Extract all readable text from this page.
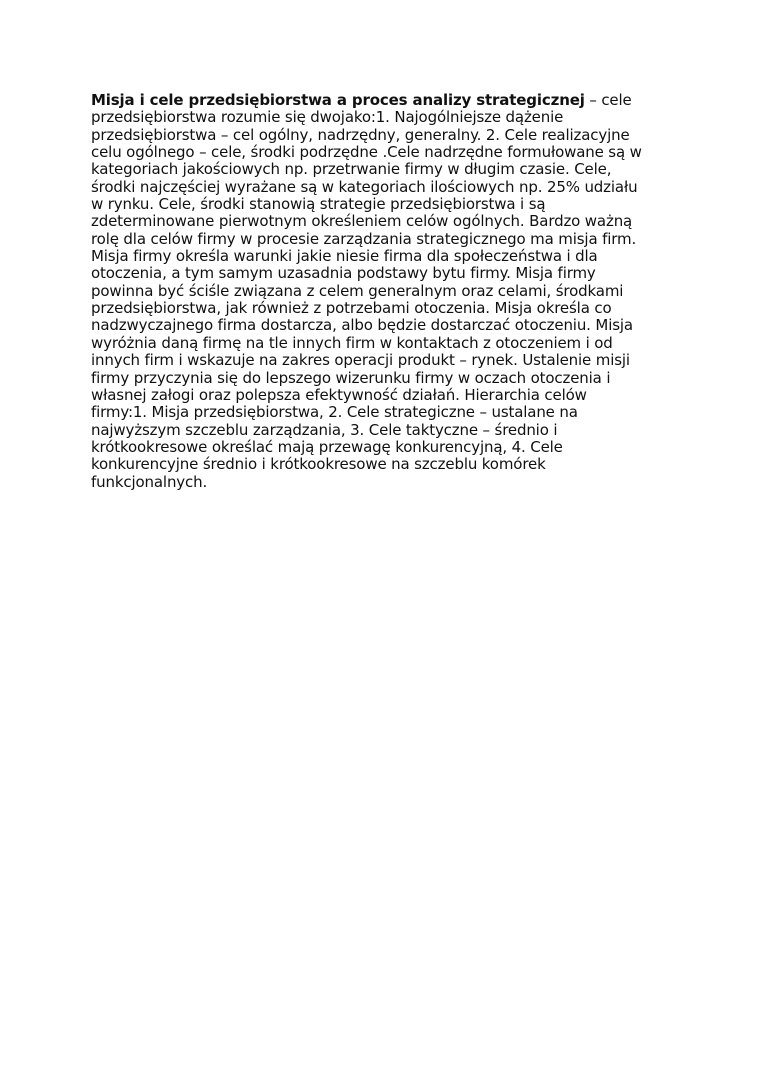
Misja i cele przedsiębiorstwa a proces analizy strategicznej – cele
przedsiębiorstwa rozumie się dwojako:1. Najogólniejsze dążenie
przedsiębiorstwa – cel ogólny, nadrzędny, generalny. 2. Cele realizacyjne
celu ogólnego – cele, środki podrzędne .Cele nadrzędne formułowane są w
kategoriach jakościowych np. przetrwanie firmy w długim czasie. Cele,
środki najczęściej wyrażane są w kategoriach ilościowych np. 25% udziału
w rynku. Cele, środki stanowią strategie przedsiębiorstwa i są
zdeterminowane pierwotnym określeniem celów ogólnych. Bardzo ważną
rolę dla celów firmy w procesie zarządzania strategicznego ma misja firm.
Misja firmy określa warunki jakie niesie firma dla społeczeństwa i dla
otoczenia, a tym samym uzasadnia podstawy bytu firmy. Misja firmy
powinna być ściśle związana z celem generalnym oraz celami, środkami
przedsiębiorstwa, jak również z potrzebami otoczenia. Misja określa co
nadzwyczajnego firma dostarcza, albo będzie dostarczać otoczeniu. Misja
wyróżnia daną firmę na tle innych firm w kontaktach z otoczeniem i od
innych firm i wskazuje na zakres operacji produkt – rynek. Ustalenie misji
firmy przyczynia się do lepszego wizerunku firmy w oczach otoczenia i
własnej załogi oraz polepsza efektywność działań. Hierarchia celów
firmy:1. Misja przedsiębiorstwa, 2. Cele strategiczne – ustalane na
najwyższym szczeblu zarządzania, 3. Cele taktyczne – średnio i
krótkookresowe określać mają przewagę konkurencyjną, 4. Cele
konkurencyjne średnio i krótkookresowe na szczeblu komórek
funkcjonalnych.
